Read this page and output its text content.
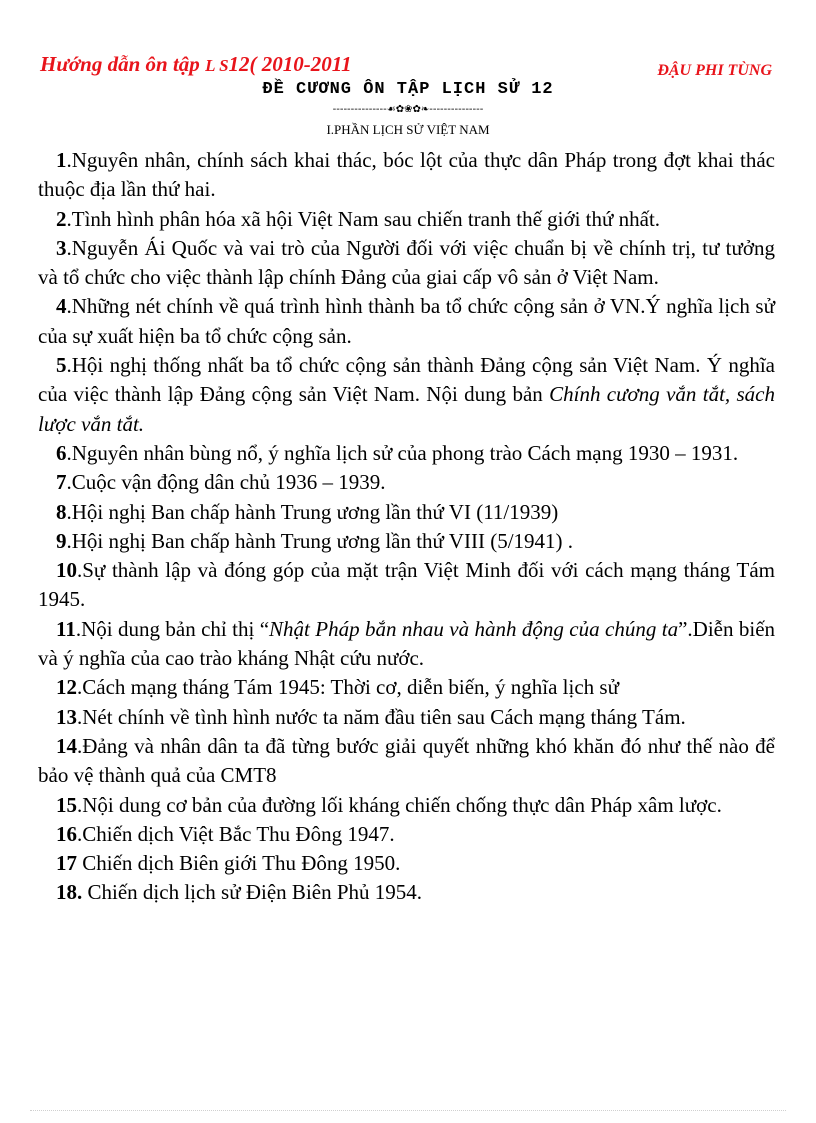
Hướng dẫn ôn tập L S12( 2010-2011	ĐẬU PHI TÙNG
ĐỀ CƯƠNG ÔN TẬP LỊCH SỬ 12
---------------☙✿❀✿❧---------------
I.PHẦN LỊCH SỬ VIỆT NAM

1.Nguyên nhân, chính sách khai thác, bóc lột của thực dân Pháp trong đợt khai thác thuộc địa lần thứ hai.

2.Tình hình phân hóa xã hội Việt Nam sau chiến tranh thế giới thứ nhất.

3.Nguyễn Ái Quốc và vai trò của Người đối với việc chuẩn bị về chính trị, tư tưởng và tổ chức cho việc thành lập chính Đảng của giai cấp vô sản ở Việt Nam.

4.Những nét chính về quá trình hình thành ba tổ chức cộng sản ở VN.Ý nghĩa lịch sử của sự xuất hiện ba tổ chức cộng sản.

5.Hội nghị thống nhất ba tổ chức cộng sản thành Đảng cộng sản Việt Nam. Ý nghĩa của việc thành lập Đảng cộng sản Việt Nam. Nội dung bản Chính cương vắn tắt, sách lược vắn tắt.

6.Nguyên nhân bùng nổ, ý nghĩa lịch sử của phong trào Cách mạng 1930 – 1931.

7.Cuộc vận động dân chủ 1936 – 1939.

8.Hội nghị Ban chấp hành Trung ương lần thứ VI (11/1939)

9.Hội nghị Ban chấp hành Trung ương lần thứ VIII (5/1941) .

10.Sự thành lập và đóng góp của mặt trận Việt Minh đối với cách mạng tháng Tám 1945.

11.Nội dung bản chỉ thị “Nhật Pháp bắn nhau và hành động của chúng ta”.Diễn biến và ý nghĩa của cao trào kháng Nhật cứu nước.

12.Cách mạng tháng Tám 1945: Thời cơ, diễn biến, ý nghĩa lịch sử

13.Nét chính về tình hình nước ta năm đầu tiên sau Cách mạng tháng Tám.

14.Đảng và nhân dân ta đã từng bước giải quyết những khó khăn đó như thế nào để bảo vệ thành quả của CMT8

15.Nội dung cơ bản của đường lối kháng chiến chống thực dân Pháp xâm lược.

16.Chiến dịch Việt Bắc Thu Đông 1947.

17 Chiến dịch Biên giới Thu Đông 1950.

18. Chiến dịch lịch sử Điện Biên Phủ 1954.
